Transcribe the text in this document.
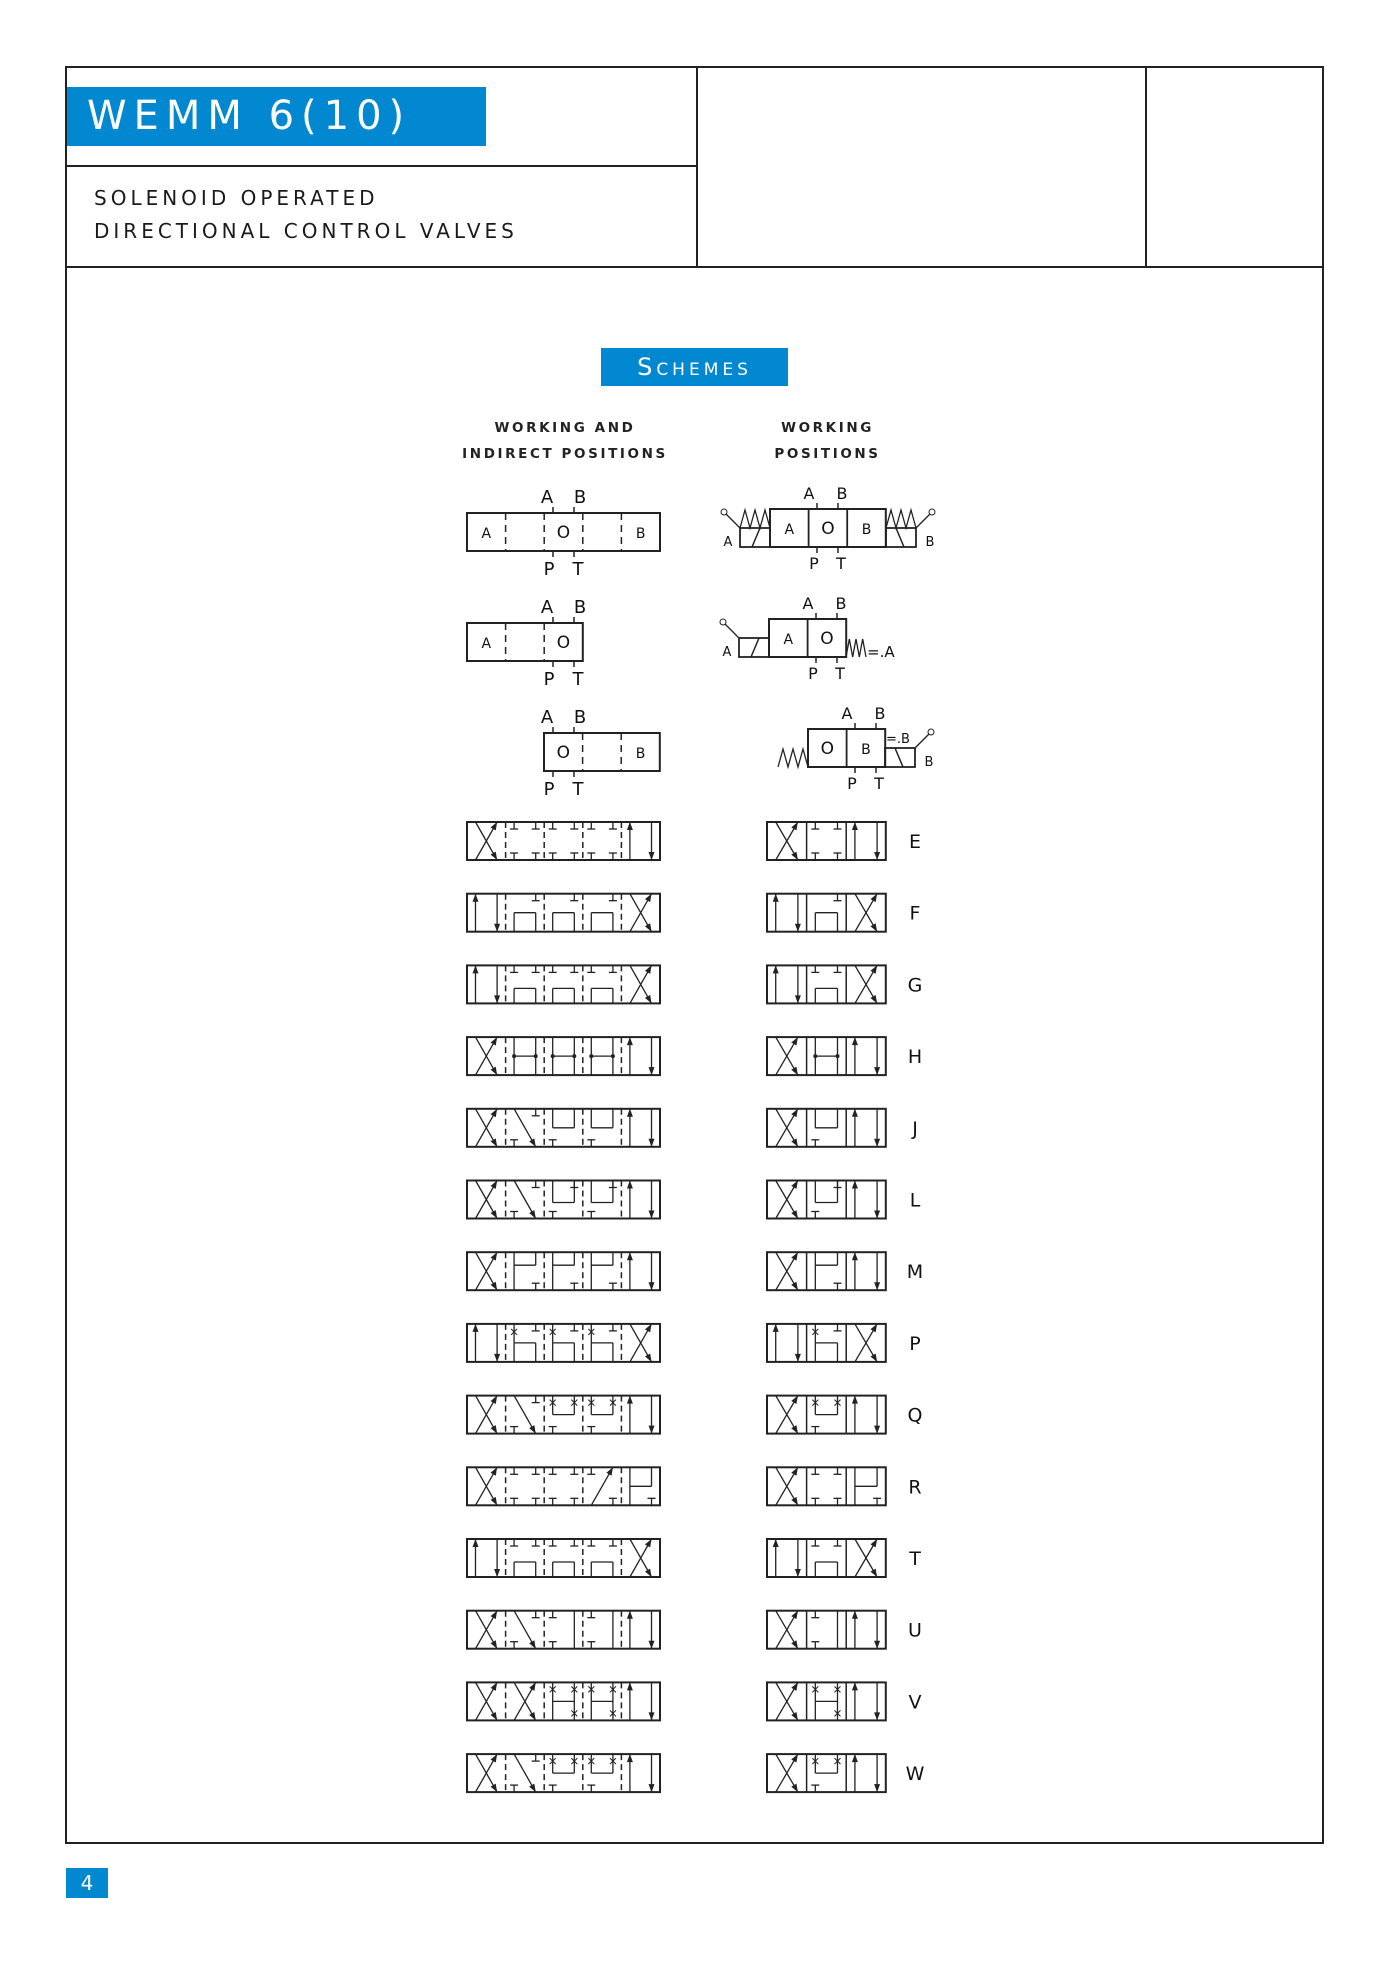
WEMM 6(10)
SOLENOID OPERATED
DIRECTIONAL CONTROL VALVES
Schemes
WORKING AND
INDIRECT POSITIONS
WORKING
POSITIONS
A	O	B
A B
P T
A	O
A B
P T
O	B
A B
P T
A O B
A	B
A B
P T
A O
A	=.A
A B
P T
O B
B
=.B
A B
P T
E
F
G
H
J
L
M
P
Q
R
T
U
V
W
4
